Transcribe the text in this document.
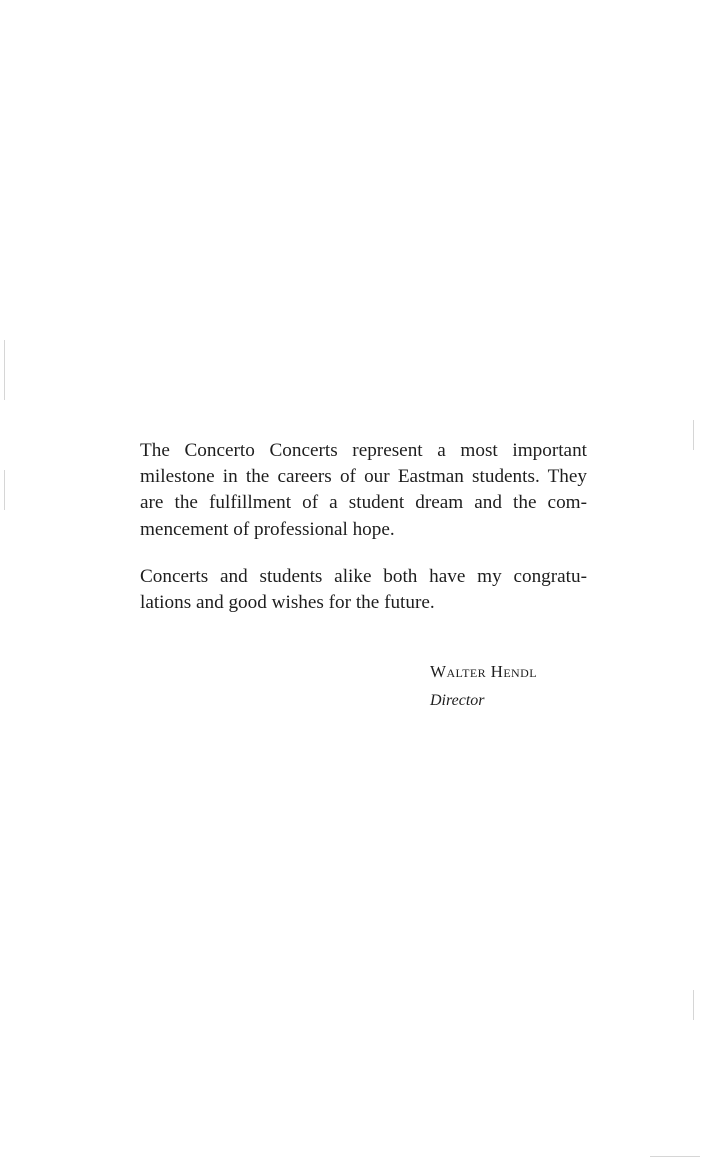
The Concerto Concerts represent a most important
milestone in the careers of our Eastman students. They
are the fulfillment of a student dream and the com-
mencement of professional hope.
Concerts and students alike both have my congratu-
lations and good wishes for the future.
Walter Hendl
Director
